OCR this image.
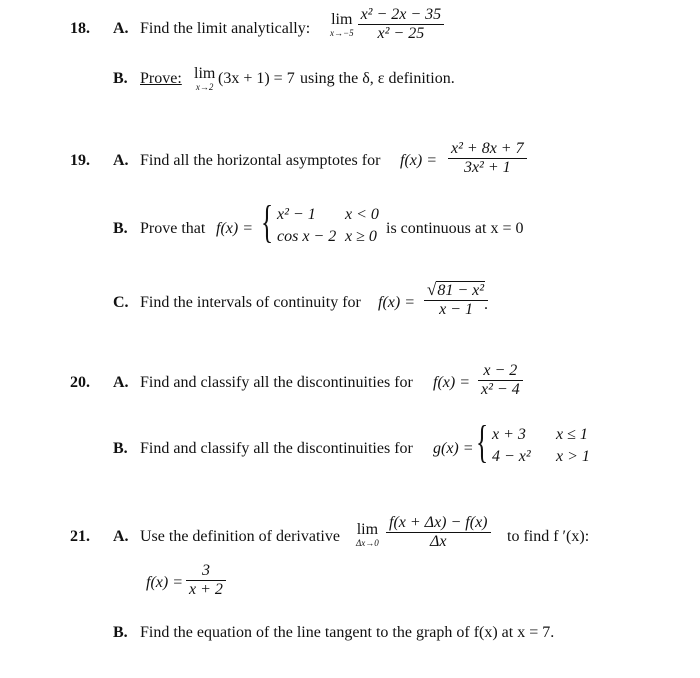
18. A. Find the limit analytically:
lim
x→−5
$\frac{\text{x² − 2x − 35}}{\text{x² − 25}}$
B. Prove: lim
x→2 (3x + 1) = 7 using the δ, ε definition.
19. A. Find all the horizontal asymptotes for $f(x) = \frac{\text{x² + 8x + 7}}{\text{3x² + 1}}$
B. Prove that f(x) = { x² − 1 x < 0
cos x − 2 x ≥ 0 is continuous at x = 0
C. Find the intervals of continuity for $f(x) = \frac{\text{√81 − x²}}{x - 1}$
.
20. A. Find and classify all the discontinuities for $f(x) = \frac{x - 2}{\text{x² − 4}}$
B. Find and classify all the discontinuities for g(x) = { x + 3 x ≤ 1
4 − x² x > 1
21. A. Use the definition of derivative lim
$\Delta x\to 0 \frac{f(x + \Delta x) - f(x)}{\Delta x}$ to find f ′(x):
$f(x) = \frac{3}{x + 2}$
B. Find the equation of the line tangent to the graph of f(x) at x = 7.
